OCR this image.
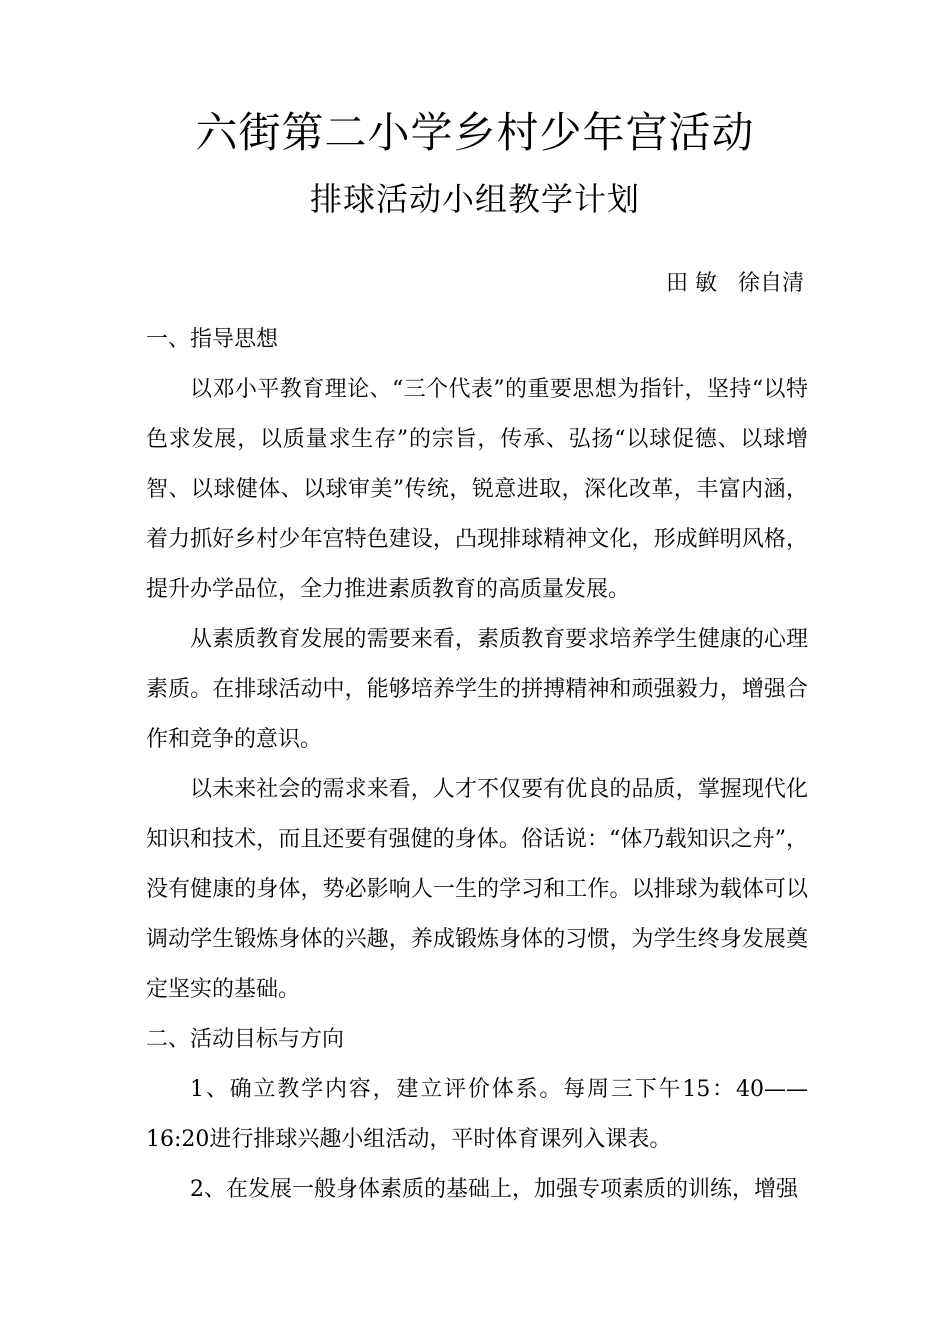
六街第二小学乡村少年宫活动
排球活动小组教学计划
田 敏   徐自清

一、指导思想

以邓小平教育理论、“三个代表”的重要思想为指针，坚持“以特色求发展，以质量求生存”的宗旨，传承、弘扬“以球促德、以球增智、以球健体、以球审美”传统，锐意进取，深化改革，丰富内涵，着力抓好乡村少年宫特色建设，凸现排球精神文化，形成鲜明风格，提升办学品位，全力推进素质教育的高质量发展。

从素质教育发展的需要来看，素质教育要求培养学生健康的心理素质。在排球活动中，能够培养学生的拼搏精神和顽强毅力，增强合作和竞争的意识。

以未来社会的需求来看，人才不仅要有优良的品质，掌握现代化知识和技术，而且还要有强健的身体。俗话说：“体乃载知识之舟”，没有健康的身体，势必影响人一生的学习和工作。以排球为载体可以调动学生锻炼身体的兴趣，养成锻炼身体的习惯，为学生终身发展奠定坚实的基础。

二、活动目标与方向

1、确立教学内容，建立评价体系。每周三下午15：40——16:20进行排球兴趣小组活动，平时体育课列入课表。

2、在发展一般身体素质的基础上，加强专项素质的训练，增强
